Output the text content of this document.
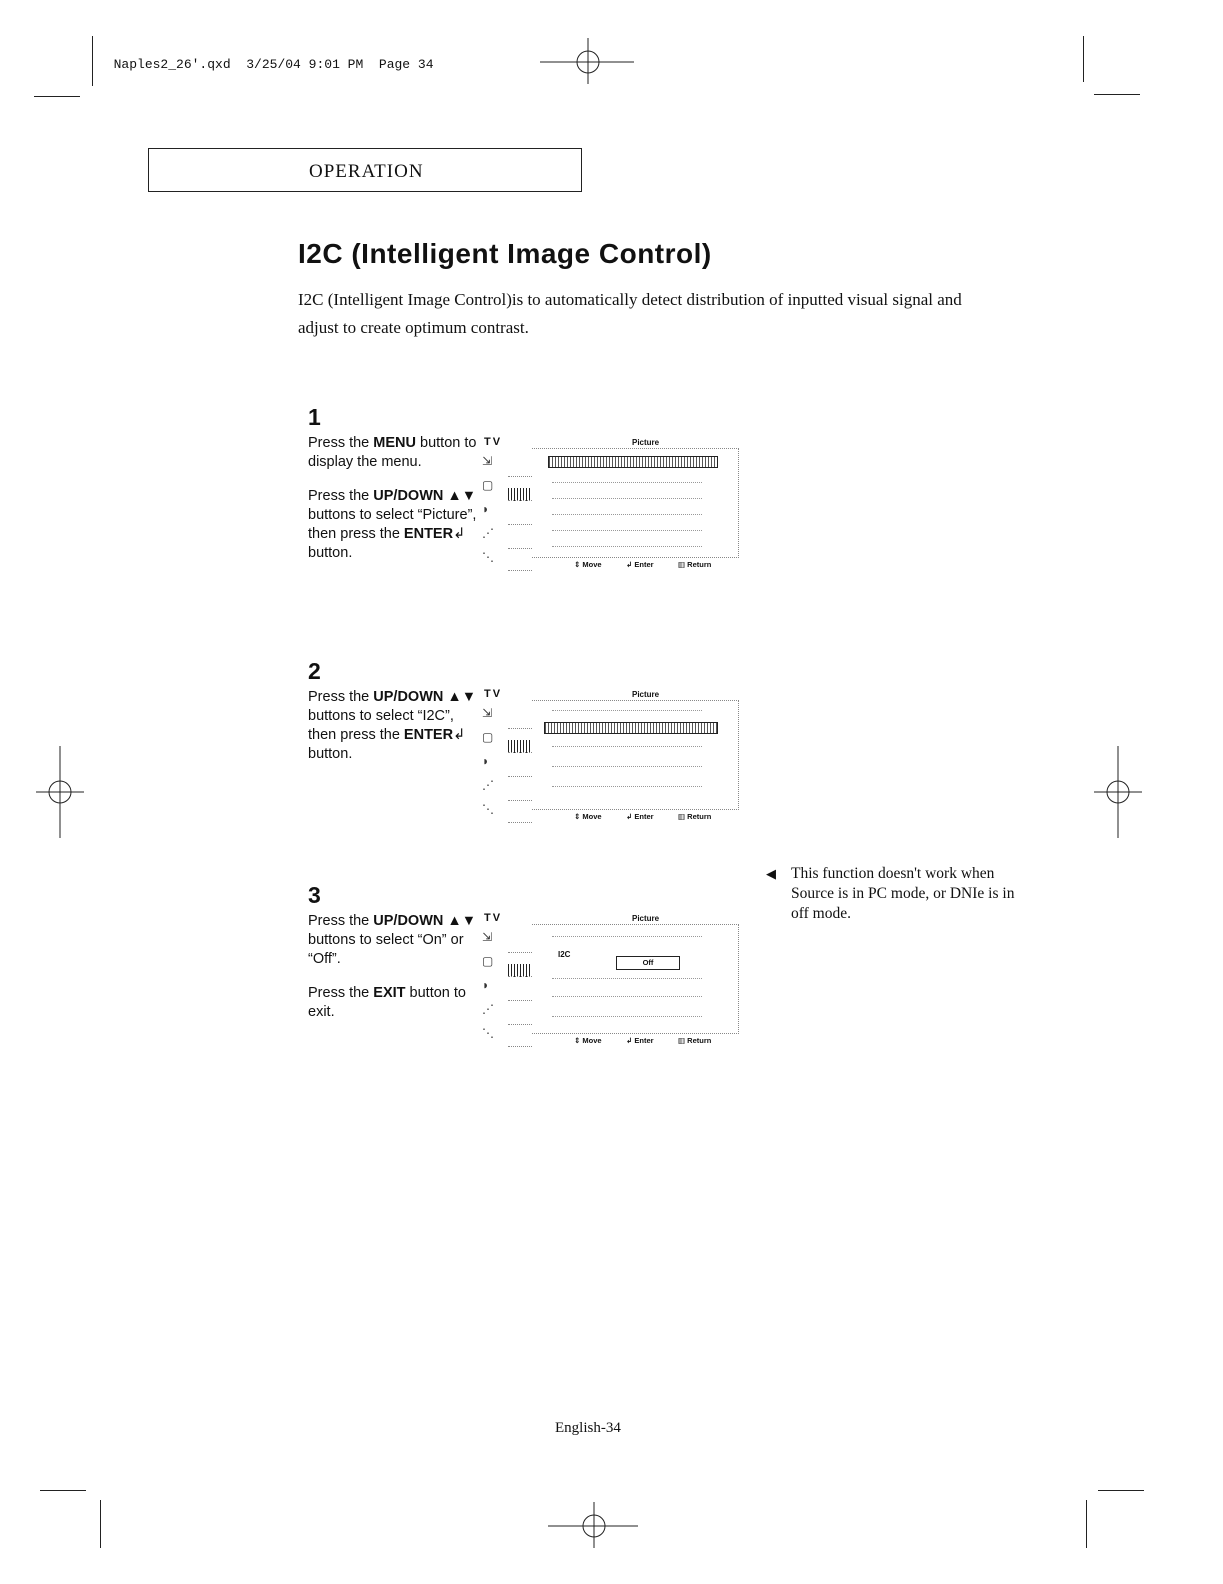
Naples2_26'.qxd 3/25/04 9:01 PM Page 34

OPERATION
I2C (Intelligent Image Control)
I2C (Intelligent Image Control)is to automatically detect distribution of inputted visual signal and adjust to create optimum contrast.
1

Press the MENU button to display the menu.

Press the UP/DOWN ▲▼ buttons to select “Picture”, then press the ENTER↲ button.

2

Press the UP/DOWN ▲▼ buttons to select “I2C”, then press the ENTER↲ button.

3

Press the UP/DOWN ▲▼ buttons to select “On” or “Off”.

Press the EXIT button to exit.

TV	Picture
⇲
▢
◗
⋰
⋱
⇕ Move	↲ Enter	▥ Return
TV	Picture
⇲
▢
◗
⋰
⋱
⇕ Move	↲ Enter	▥ Return
TV	Picture
⇲
▢
◗
⋰
⋱
I2C
Off
⇕ Move	↲ Enter	▥ Return
◀ This function doesn't work when Source is in PC mode, or DNIe is in off mode.
English-34
